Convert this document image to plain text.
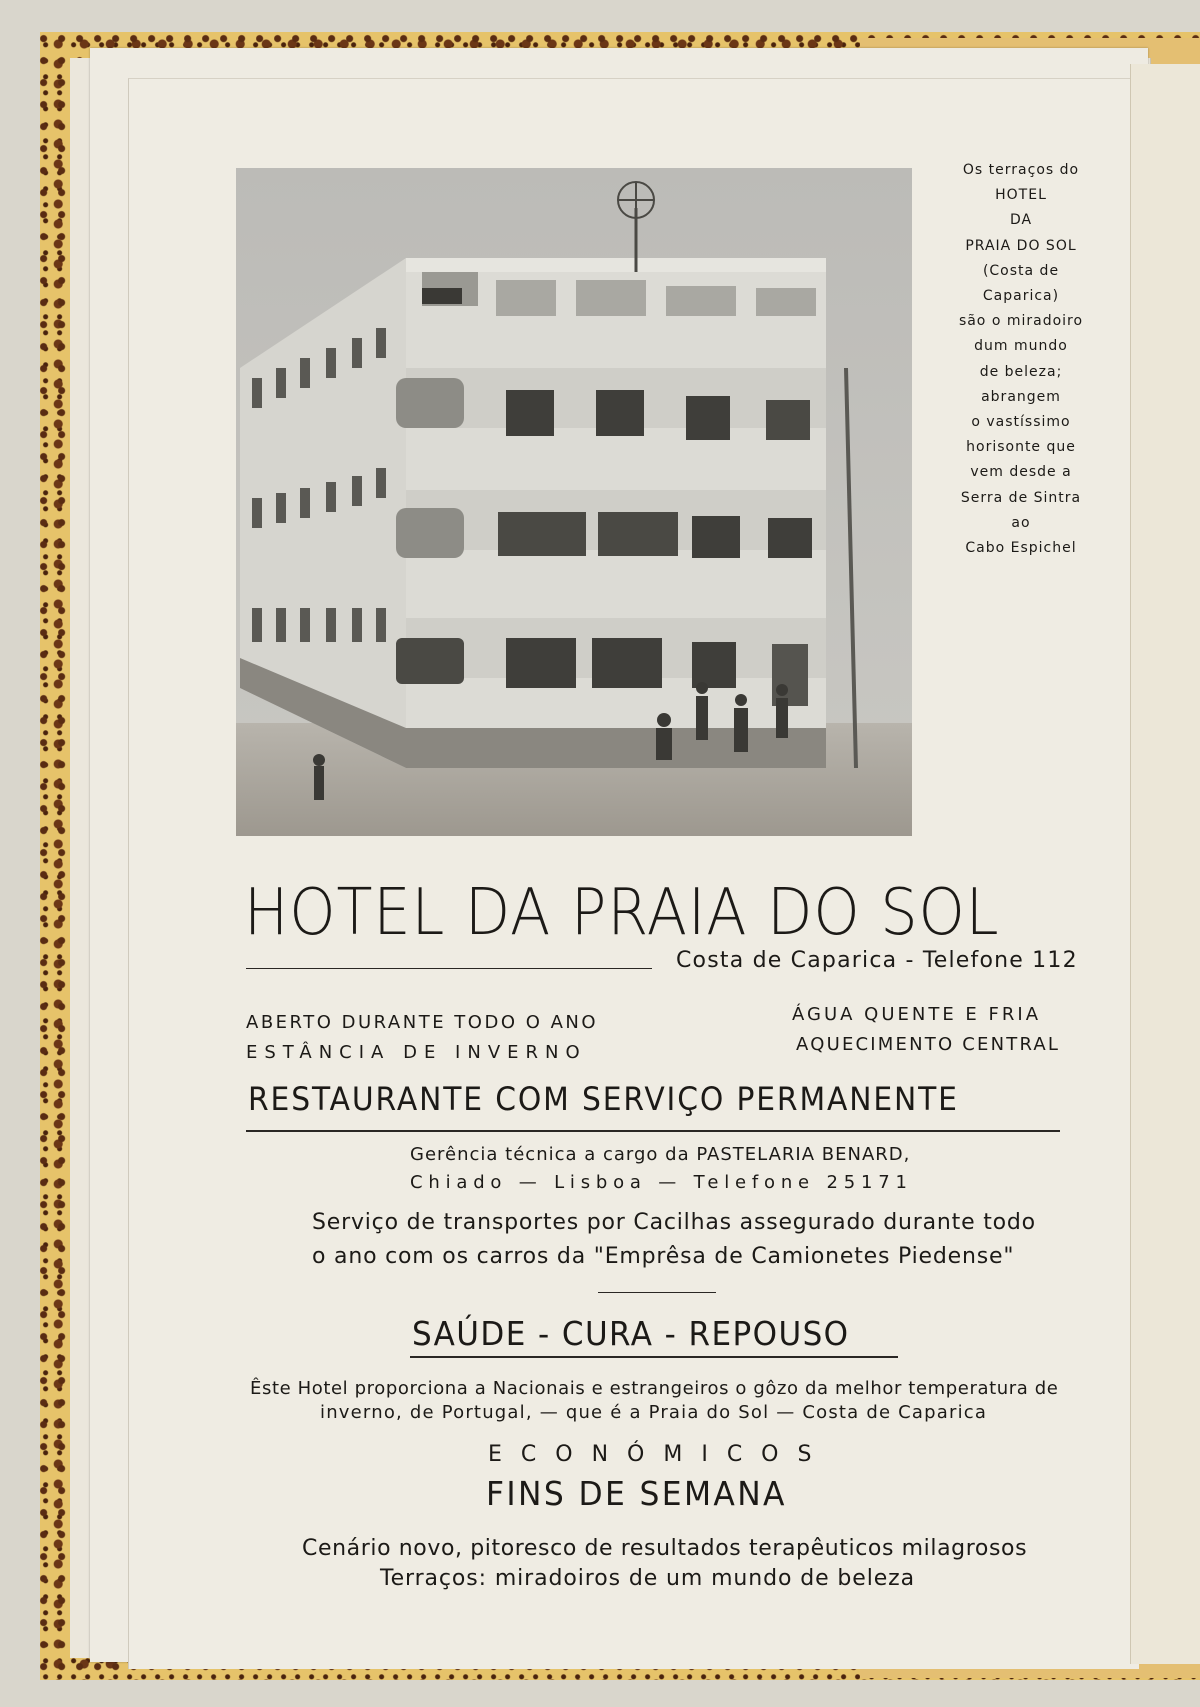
Os terraços do
HOTEL
DA
PRAIA DO SOL
(Costa de
Caparica)
são o miradoiro
dum mundo
de beleza;
abrangem
o vastíssimo
horisonte que
vem desde a
Serra de Sintra
ao
Cabo Espichel
HOTEL DA PRAIA DO SOL
Costa de Caparica - Telefone 112
ABERTO DURANTE TODO O ANO
ESTÂNCIA DE INVERNO
ÁGUA QUENTE E FRIA
AQUECIMENTO CENTRAL
RESTAURANTE COM SERVIÇO PERMANENTE
Gerência técnica a cargo da PASTELARIA BENARD,
Chiado — Lisboa — Telefone 25171
Serviço de transportes por Cacilhas assegurado durante todo
o ano com os carros da "Emprêsa de Camionetes Piedense"
SAÚDE - CURA - REPOUSO
Êste Hotel proporciona a Nacionais e estrangeiros o gôzo da melhor temperatura de
inverno, de Portugal, — que é a Praia do Sol — Costa de Caparica
ECONÓMICOS
FINS DE SEMANA
Cenário novo, pitoresco de resultados terapêuticos milagrosos
Terraços: miradoiros de um mundo de beleza
